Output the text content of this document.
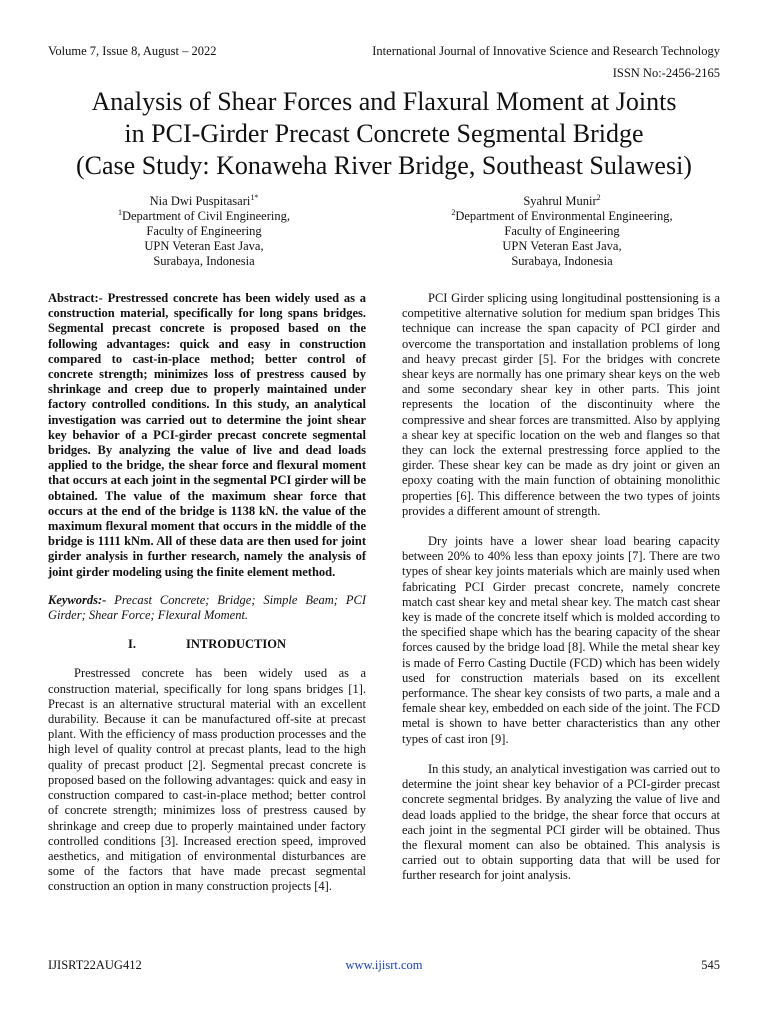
Volume 7, Issue 8, August – 2022	International Journal of Innovative Science and Research Technology
ISSN No:-2456-2165
Analysis of Shear Forces and Flaxural Moment at Joints
in PCI-Girder Precast Concrete Segmental Bridge
(Case Study: Konaweha River Bridge, Southeast Sulawesi)
Nia Dwi Puspitasari$^{1*}$
$^1$Department of Civil Engineering,
Faculty of Engineering
UPN Veteran East Java,
Surabaya, Indonesia
Syahrul Munir$^2$
$^2$Department of Environmental Engineering,
Faculty of Engineering
UPN Veteran East Java,
Surabaya, Indonesia

Abstract:- Prestressed concrete has been widely used as a construction material, specifically for long spans bridges. Segmental precast concrete is proposed based on the following advantages: quick and easy in construction compared to cast-in-place method; better control of concrete strength; minimizes loss of prestress caused by shrinkage and creep due to properly maintained under factory controlled conditions. In this study, an analytical investigation was carried out to determine the joint shear key behavior of a PCI-girder precast concrete segmental bridges. By analyzing the value of live and dead loads applied to the bridge, the shear force and flexural moment that occurs at each joint in the segmental PCI girder will be obtained. The value of the maximum shear force that occurs at the end of the bridge is 1138 kN. the value of the maximum flexural moment that occurs in the middle of the bridge is 1111 kNm. All of these data are then used for joint girder analysis in further research, namely the analysis of joint girder modeling using the finite element method.

Keywords:- Precast Concrete; Bridge; Simple Beam; PCI Girder; Shear Force; Flexural Moment.

I.	INTRODUCTION

Prestressed concrete has been widely used as a construction material, specifically for long spans bridges [1]. Precast is an alternative structural material with an excellent durability. Because it can be manufactured off-site at precast plant. With the efficiency of mass production processes and the high level of quality control at precast plants, lead to the high quality of precast product [2]. Segmental precast concrete is proposed based on the following advantages: quick and easy in construction compared to cast-in-place method; better control of concrete strength; minimizes loss of prestress caused by shrinkage and creep due to properly maintained under factory controlled conditions [3]. Increased erection speed, improved aesthetics, and mitigation of environmental disturbances are some of the factors that have made precast segmental construction an option in many construction projects [4].

PCI Girder splicing using longitudinal posttensioning is a competitive alternative solution for medium span bridges This technique can increase the span capacity of PCI girder and overcome the transportation and installation problems of long and heavy precast girder [5]. For the bridges with concrete shear keys are normally has one primary shear keys on the web and some secondary shear key in other parts. This joint represents the location of the discontinuity where the compressive and shear forces are transmitted. Also by applying a shear key at specific location on the web and flanges so that they can lock the external prestressing force applied to the girder. These shear key can be made as dry joint or given an epoxy coating with the main function of obtaining monolithic properties [6]. This difference between the two types of joints provides a different amount of strength.

Dry joints have a lower shear load bearing capacity between 20% to 40% less than epoxy joints [7]. There are two types of shear key joints materials which are mainly used when fabricating PCI Girder precast concrete, namely concrete match cast shear key and metal shear key. The match cast shear key is made of the concrete itself which is molded according to the specified shape which has the bearing capacity of the shear forces caused by the bridge load [8]. While the metal shear key is made of Ferro Casting Ductile (FCD) which has been widely used for construction materials based on its excellent performance. The shear key consists of two parts, a male and a female shear key, embedded on each side of the joint. The FCD metal is shown to have better characteristics than any other types of cast iron [9].

In this study, an analytical investigation was carried out to determine the joint shear key behavior of a PCI-girder precast concrete segmental bridges. By analyzing the value of live and dead loads applied to the bridge, the shear force that occurs at each joint in the segmental PCI girder will be obtained. Thus the flexural moment can also be obtained. This analysis is carried out to obtain supporting data that will be used for further research for joint analysis.

IJISRT22AUG412	www.ijisrt.com	545
